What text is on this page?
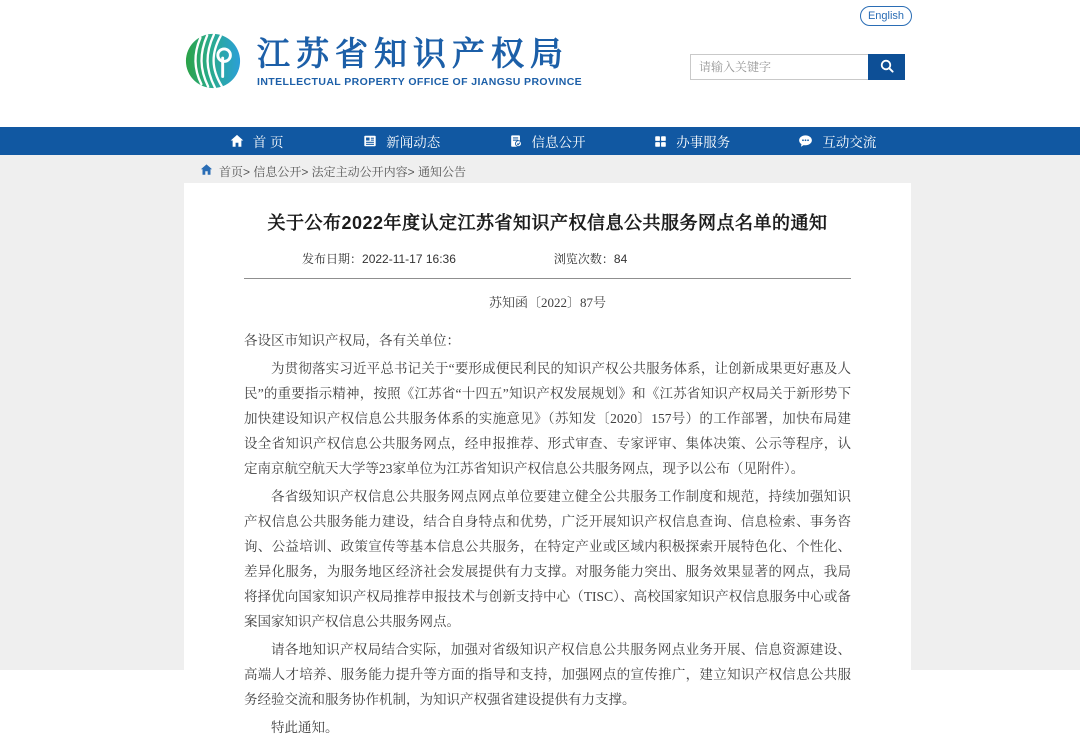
English
江苏省知识产权局
INTELLECTUAL PROPERTY OFFICE OF JIANGSU PROVINCE
请输入关键字
首 页	新闻动态	信息公开	办事服务	互动交流
首页> 信息公开> 法定主动公开内容> 通知公告
关于公布2022年度认定江苏省知识产权信息公共服务网点名单的通知
发布日期：2022-11-17 16:36	浏览次数：84
苏知函〔2022〕87号

各设区市知识产权局，各有关单位：

为贯彻落实习近平总书记关于“要形成便民利民的知识产权公共服务体系，让创新成果更好惠及人民”的重要指示精神，按照《江苏省“十四五”知识产权发展规划》和《江苏省知识产权局关于新形势下加快建设知识产权信息公共服务体系的实施意见》（苏知发〔2020〕157号）的工作部署，加快布局建设全省知识产权信息公共服务网点，经申报推荐、形式审查、专家评审、集体决策、公示等程序，认定南京航空航天大学等23家单位为江苏省知识产权信息公共服务网点，现予以公布（见附件）。

各省级知识产权信息公共服务网点网点单位要建立健全公共服务工作制度和规范，持续加强知识产权信息公共服务能力建设，结合自身特点和优势，广泛开展知识产权信息查询、信息检索、事务咨询、公益培训、政策宣传等基本信息公共服务，在特定产业或区域内积极探索开展特色化、个性化、差异化服务，为服务地区经济社会发展提供有力支撑。对服务能力突出、服务效果显著的网点，我局将择优向国家知识产权局推荐申报技术与创新支持中心（TISC）、高校国家知识产权信息服务中心或备案国家知识产权信息公共服务网点。

请各地知识产权局结合实际，加强对省级知识产权信息公共服务网点业务开展、信息资源建设、高端人才培养、服务能力提升等方面的指导和支持，加强网点的宣传推广，建立知识产权信息公共服务经验交流和服务协作机制，为知识产权强省建设提供有力支撑。

特此通知。
